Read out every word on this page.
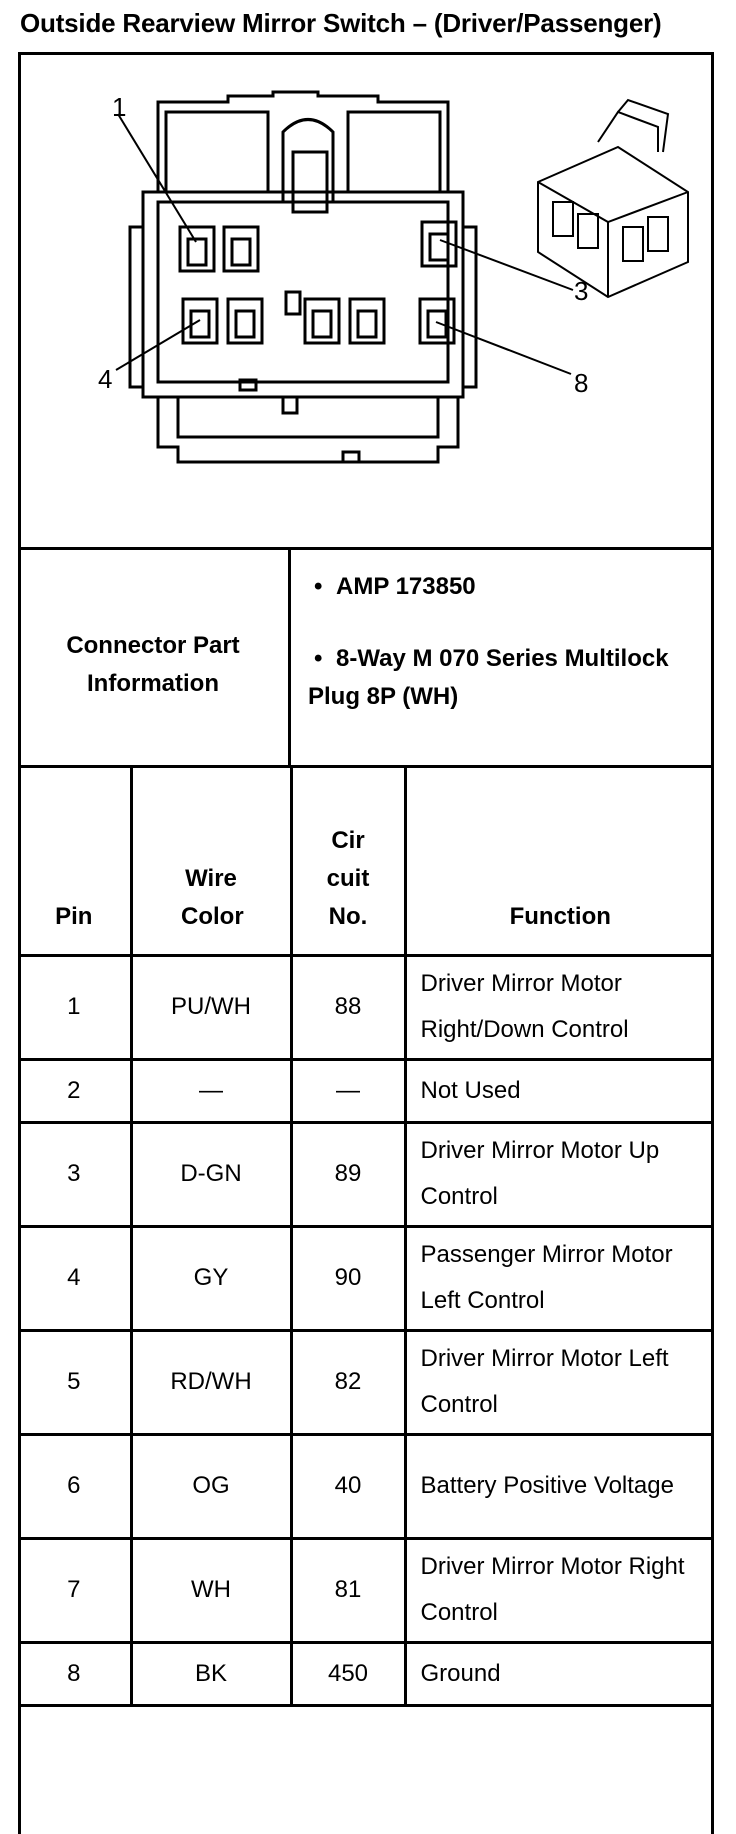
Outside Rearview Mirror Switch – (Driver/Passenger)
1
3
4	8
Connector Part Information
• AMP 173850
• 8-Way M 070 Series Multilock Plug 8P (WH)
Pin	Wire Color	Cir cuit No.	Function
1	PU/WH	88	Driver Mirror Motor Right/Down Control
2	—	—	Not Used
3	D-GN	89	Driver Mirror Motor Up Control
4	GY	90	Passenger Mirror Motor Left Control
5	RD/WH	82	Driver Mirror Motor Left Control
6	OG	40	Battery Positive Voltage
7	WH	81	Driver Mirror Motor Right Control
8	BK	450	Ground
